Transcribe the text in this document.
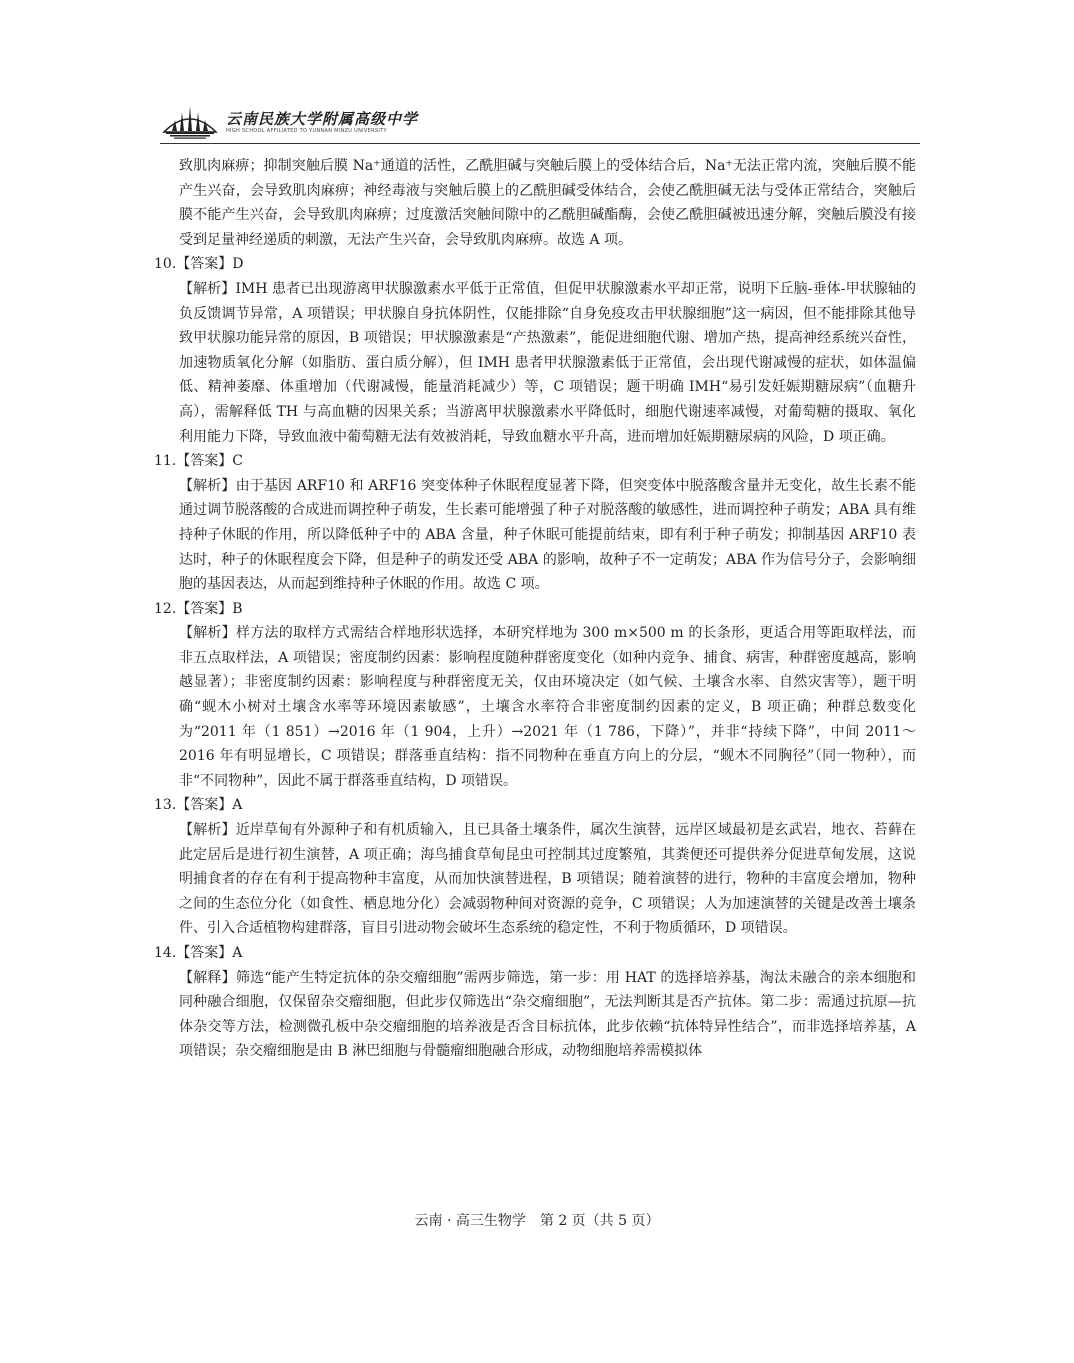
云南民族大学附属高级中学
HIGH SCHOOL AFFILIATED TO YUNNAN MINZU UNIVERSITY

致肌肉麻痹；抑制突触后膜 Na⁺通道的活性，乙酰胆碱与突触后膜上的受体结合后，Na⁺无法正常内流，突触后膜不能产生兴奋，会导致肌肉麻痹；神经毒液与突触后膜上的乙酰胆碱受体结合，会使乙酰胆碱无法与受体正常结合，突触后膜不能产生兴奋，会导致肌肉麻痹；过度激活突触间隙中的乙酰胆碱酯酶，会使乙酰胆碱被迅速分解，突触后膜没有接受到足量神经递质的刺激，无法产生兴奋，会导致肌肉麻痹。故选 A 项。

10.【答案】D

【解析】IMH 患者已出现游离甲状腺激素水平低于正常值，但促甲状腺激素水平却正常，说明下丘脑-垂体-甲状腺轴的负反馈调节异常，A 项错误；甲状腺自身抗体阴性，仅能排除“自身免疫攻击甲状腺细胞”这一病因，但不能排除其他导致甲状腺功能异常的原因，B 项错误；甲状腺激素是“产热激素”，能促进细胞代谢、增加产热，提高神经系统兴奋性，加速物质氧化分解（如脂肪、蛋白质分解），但 IMH 患者甲状腺激素低于正常值，会出现代谢减慢的症状，如体温偏低、精神萎靡、体重增加（代谢减慢，能量消耗减少）等，C 项错误；题干明确 IMH“易引发妊娠期糖尿病”（血糖升高），需解释低 TH 与高血糖的因果关系；当游离甲状腺激素水平降低时，细胞代谢速率减慢，对葡萄糖的摄取、氧化利用能力下降，导致血液中葡萄糖无法有效被消耗，导致血糖水平升高，进而增加妊娠期糖尿病的风险，D 项正确。

11.【答案】C

【解析】由于基因 ARF10 和 ARF16 突变体种子休眠程度显著下降，但突变体中脱落酸含量并无变化，故生长素不能通过调节脱落酸的合成进而调控种子萌发，生长素可能增强了种子对脱落酸的敏感性，进而调控种子萌发；ABA 具有维持种子休眠的作用，所以降低种子中的 ABA 含量，种子休眠可能提前结束，即有利于种子萌发；抑制基因 ARF10 表达时，种子的休眠程度会下降，但是种子的萌发还受 ABA 的影响，故种子不一定萌发；ABA 作为信号分子，会影响细胞的基因表达，从而起到维持种子休眠的作用。故选 C 项。

12.【答案】B

【解析】样方法的取样方式需结合样地形状选择，本研究样地为 300 m×500 m 的长条形，更适合用等距取样法，而非五点取样法，A 项错误；密度制约因素：影响程度随种群密度变化（如种内竞争、捕食、病害，种群密度越高，影响越显著）；非密度制约因素：影响程度与种群密度无关，仅由环境决定（如气候、土壤含水率、自然灾害等），题干明确“蚬木小树对土壤含水率等环境因素敏感”，土壤含水率符合非密度制约因素的定义，B 项正确；种群总数变化为“2011 年（1 851）→2016 年（1 904，上升）→2021 年（1 786，下降）”，并非“持续下降”，中间 2011～2016 年有明显增长，C 项错误；群落垂直结构：指不同物种在垂直方向上的分层，“蚬木不同胸径”（同一物种），而非“不同物种”，因此不属于群落垂直结构，D 项错误。

13.【答案】A

【解析】近岸草甸有外源种子和有机质输入，且已具备土壤条件，属次生演替，远岸区域最初是玄武岩，地衣、苔藓在此定居后是进行初生演替，A 项正确；海鸟捕食草甸昆虫可控制其过度繁殖，其粪便还可提供养分促进草甸发展，这说明捕食者的存在有利于提高物种丰富度，从而加快演替进程，B 项错误；随着演替的进行，物种的丰富度会增加，物种之间的生态位分化（如食性、栖息地分化）会减弱物种间对资源的竞争，C 项错误；人为加速演替的关键是改善土壤条件、引入合适植物构建群落，盲目引进动物会破坏生态系统的稳定性，不利于物质循环，D 项错误。

14.【答案】A

【解释】筛选“能产生特定抗体的杂交瘤细胞”需两步筛选，第一步：用 HAT 的选择培养基，淘汰未融合的亲本细胞和同种融合细胞，仅保留杂交瘤细胞，但此步仅筛选出“杂交瘤细胞”，无法判断其是否产抗体。第二步：需通过抗原—抗体杂交等方法，检测微孔板中杂交瘤细胞的培养液是否含目标抗体，此步依赖“抗体特异性结合”，而非选择培养基，A 项错误；杂交瘤细胞是由 B 淋巴细胞与骨髓瘤细胞融合形成，动物细胞培养需模拟体

云南 · 高三生物学　第 2 页（共 5 页）
